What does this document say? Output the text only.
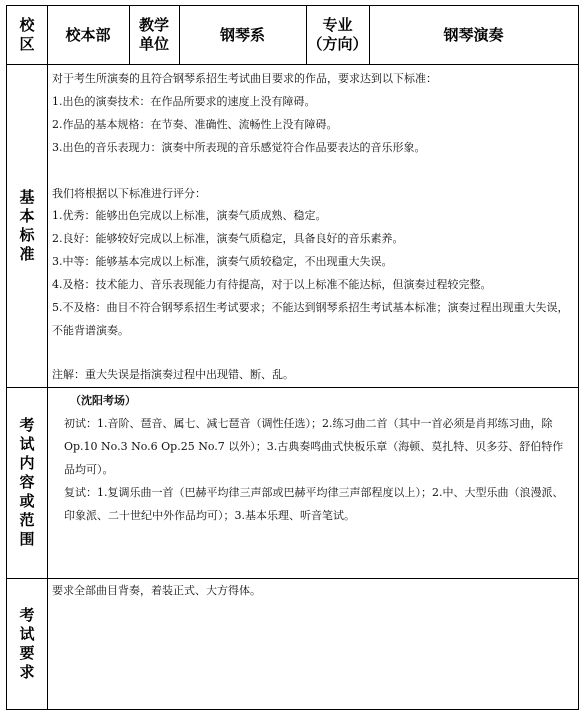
校区
校本部
教学单位
钢琴系
专业
（方向）
钢琴演奏
基本标准

对于考生所演奏的且符合钢琴系招生考试曲目要求的作品，要求达到以下标准：

1.出色的演奏技术：在作品所要求的速度上没有障碍。

2.作品的基本规格：在节奏、准确性、流畅性上没有障碍。

3.出色的音乐表现力：演奏中所表现的音乐感觉符合作品要表达的音乐形象。

我们将根据以下标准进行评分：

1.优秀：能够出色完成以上标准，演奏气质成熟、稳定。

2.良好：能够较好完成以上标准，演奏气质稳定，具备良好的音乐素养。

3.中等：能够基本完成以上标准，演奏气质较稳定，不出现重大失误。

4.及格：技术能力、音乐表现能力有待提高，对于以上标准不能达标，但演奏过程较完整。

5.不及格：曲目不符合钢琴系招生考试要求；不能达到钢琴系招生考试基本标准；演奏过程出现重大失误，不能背谱演奏。

注解：重大失误是指演奏过程中出现错、断、乱。

考试内容或范围

（沈阳考场）

初试：1.音阶、琶音、属七、减七琶音（调性任选）；2.练习曲二首（其中一首必须是肖邦练习曲，除 Op.10 No.3 No.6 Op.25 No.7 以外）；3.古典奏鸣曲式快板乐章（海顿、莫扎特、贝多芬、舒伯特作品均可）。

复试：1.复调乐曲一首（巴赫平均律三声部或巴赫平均律三声部程度以上）；2.中、大型乐曲（浪漫派、印象派、二十世纪中外作品均可）；3.基本乐理、听音笔试。

考试要求

要求全部曲目背奏，着装正式、大方得体。
